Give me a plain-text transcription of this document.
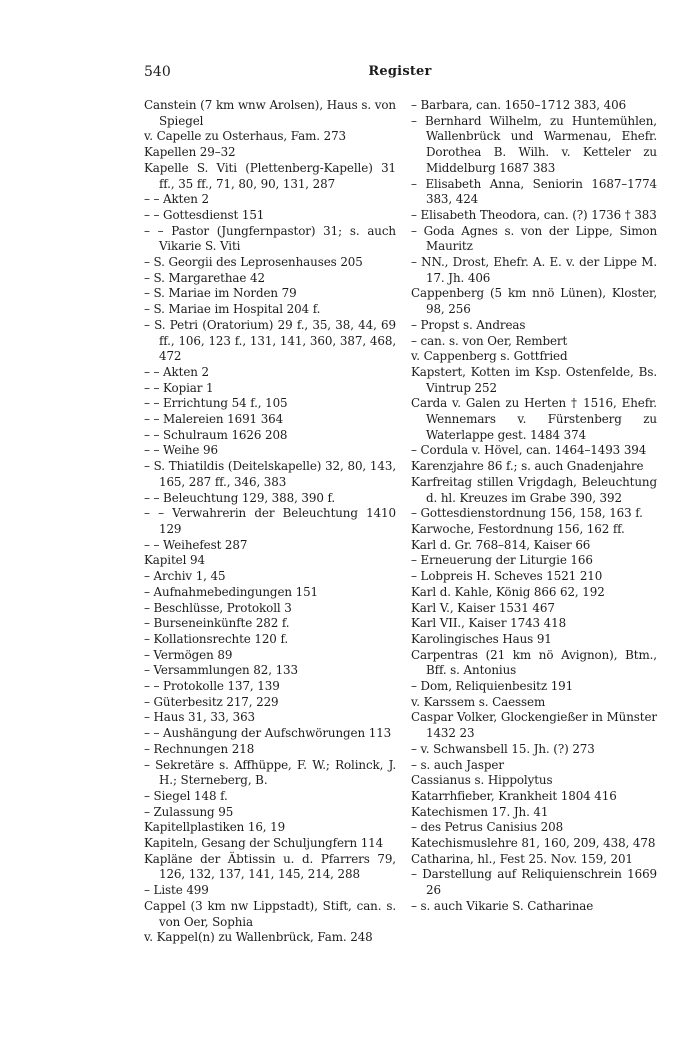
540	Register
Canstein (7 km wnw Arolsen), Haus s. von Spiegel
v. Capelle zu Osterhaus, Fam. 273
Kapellen 29–32
Kapelle S. Viti (Plettenberg-Kapelle) 31 ff., 35 ff., 71, 80, 90, 131, 287
– – Akten 2
– – Gottesdienst 151
– – Pastor (Jungfernpastor) 31; s. auch Vikarie S. Viti
– S. Georgii des Leprosenhauses 205
– S. Margarethae 42
– S. Mariae im Norden 79
– S. Mariae im Hospital 204 f.
– S. Petri (Oratorium) 29 f., 35, 38, 44, 69 ff., 106, 123 f., 131, 141, 360, 387, 468, 472
– – Akten 2
– – Kopiar 1
– – Errichtung 54 f., 105
– – Malereien 1691 364
– – Schulraum 1626 208
– – Weihe 96
– S. Thiatildis (Deitelskapelle) 32, 80, 143, 165, 287 ff., 346, 383
– – Beleuchtung 129, 388, 390 f.
– – Verwahrerin der Beleuchtung 1410 129
– – Weihefest 287
Kapitel 94
– Archiv 1, 45
– Aufnahmebedingungen 151
– Beschlüsse, Protokoll 3
– Burseneinkünfte 282 f.
– Kollationsrechte 120 f.
– Vermögen 89
– Versammlungen 82, 133
– – Protokolle 137, 139
– Güterbesitz 217, 229
– Haus 31, 33, 363
– – Aushängung der Aufschwörungen 113
– Rechnungen 218
– Sekretäre s. Affhüppe, F. W.; Rolinck, J. H.; Sterneberg, B.
– Siegel 148 f.
– Zulassung 95
Kapitellplastiken 16, 19
Kapiteln, Gesang der Schuljungfern 114
Kapläne der Äbtissin u. d. Pfarrers 79, 126, 132, 137, 141, 145, 214, 288
– Liste 499
Cappel (3 km nw Lippstadt), Stift, can. s. von Oer, Sophia
v. Kappel(n) zu Wallenbrück, Fam. 248
– Barbara, can. 1650–1712 383, 406
– Bernhard Wilhelm, zu Huntemühlen, Wallenbrück und Warmenau, Ehefr. Dorothea B. Wilh. v. Ketteler zu Middelburg 1687 383
– Elisabeth Anna, Seniorin 1687–1774 383, 424
– Elisabeth Theodora, can. (?) 1736 † 383
– Goda Agnes s. von der Lippe, Simon Mauritz
– NN., Drost, Ehefr. A. E. v. der Lippe M. 17. Jh. 406
Cappenberg (5 km nnö Lünen), Kloster, 98, 256
– Propst s. Andreas
– can. s. von Oer, Rembert
v. Cappenberg s. Gottfried
Kapstert, Kotten im Ksp. Ostenfelde, Bs. Vintrup 252
Carda v. Galen zu Herten † 1516, Ehefr. Wennemars v. Fürstenberg zu Waterlappe gest. 1484 374
– Cordula v. Hövel, can. 1464–1493 394
Karenzjahre 86 f.; s. auch Gnadenjahre
Karfreitag stillen Vrigdagh, Beleuchtung d. hl. Kreuzes im Grabe 390, 392
– Gottesdienstordnung 156, 158, 163 f.
Karwoche, Festordnung 156, 162 ff.
Karl d. Gr. 768–814, Kaiser 66
– Erneuerung der Liturgie 166
– Lobpreis H. Scheves 1521 210
Karl d. Kahle, König 866 62, 192
Karl V., Kaiser 1531 467
Karl VII., Kaiser 1743 418
Karolingisches Haus 91
Carpentras (21 km nö Avignon), Btm., Bff. s. Antonius
– Dom, Reliquienbesitz 191
v. Karssem s. Caessem
Caspar Volker, Glockengießer in Münster 1432 23
– v. Schwansbell 15. Jh. (?) 273
– s. auch Jasper
Cassianus s. Hippolytus
Katarrhfieber, Krankheit 1804 416
Katechismen 17. Jh. 41
– des Petrus Canisius 208
Katechismuslehre 81, 160, 209, 438, 478
Catharina, hl., Fest 25. Nov. 159, 201
– Darstellung auf Reliquienschrein 1669 26
– s. auch Vikarie S. Catharinae
